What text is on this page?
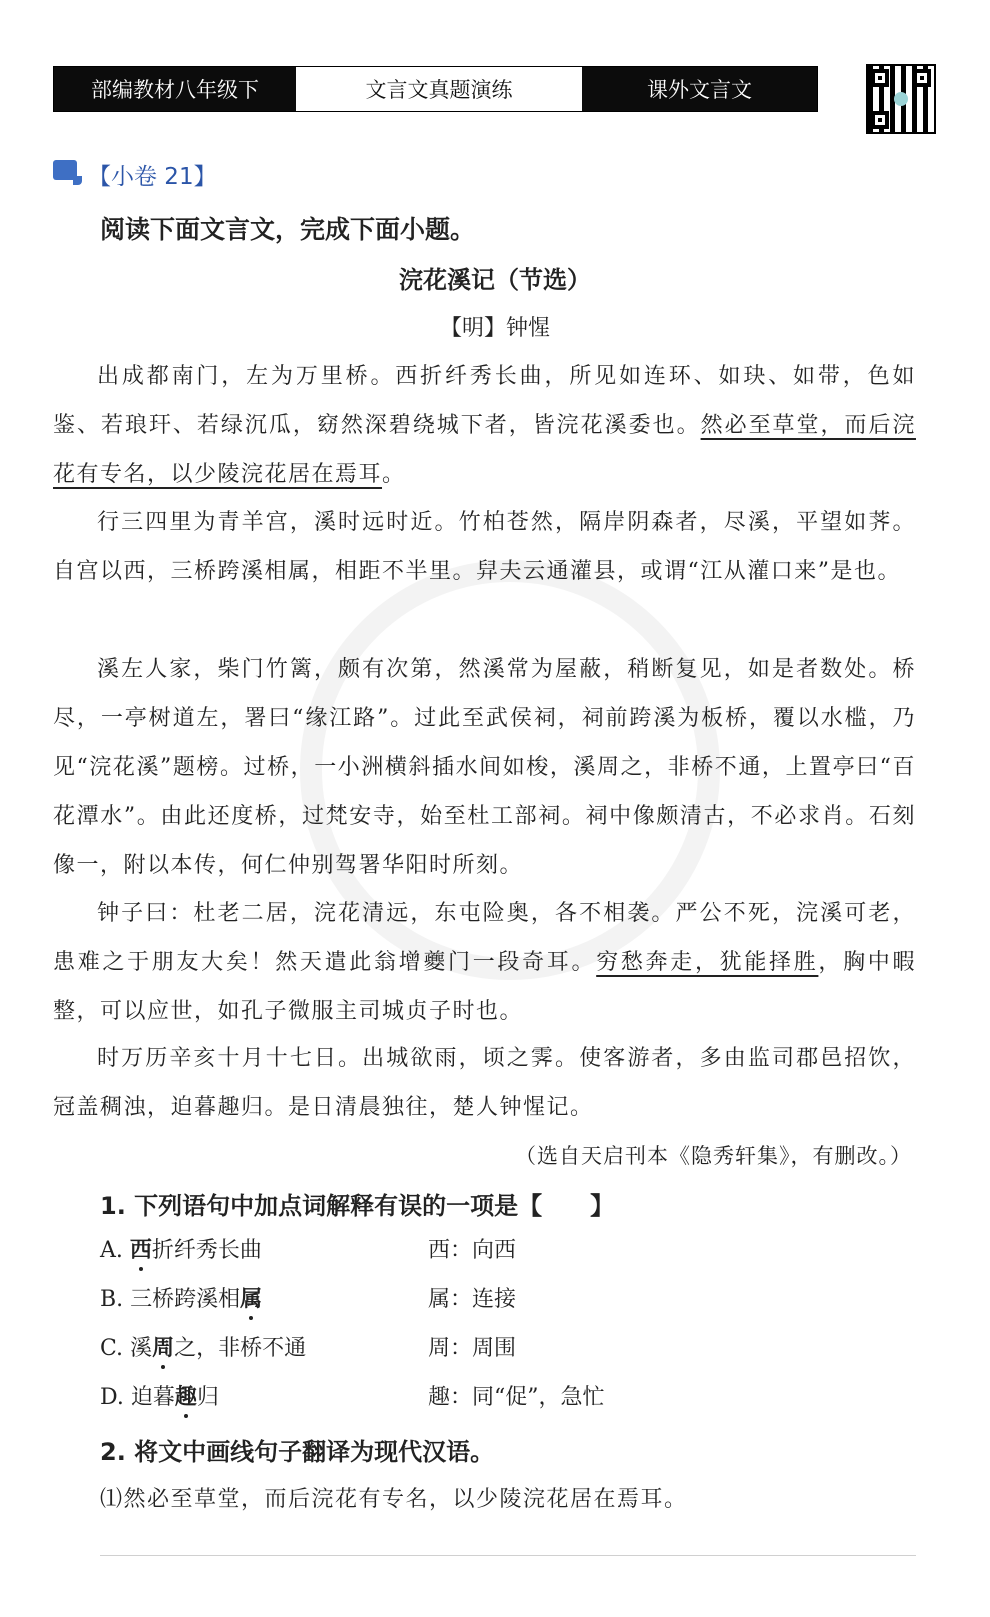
部编教材八年级下	文言文真题演练	课外文言文
【小卷 21】
阅读下面文言文，完成下面小题。
浣花溪记（节选）
【明】钟惺
出成都南门，左为万里桥。西折纤秀长曲，所见如连环、如玦、如带，色如鉴、若琅玕、若绿沉瓜，窈然深碧绕城下者，皆浣花溪委也。然必至草堂，而后浣花有专名，以少陵浣花居在焉耳。
行三四里为青羊宫，溪时远时近。竹柏苍然，隔岸阴森者，尽溪，平望如荠。自宫以西，三桥跨溪相属，相距不半里。舁夫云通灌县，或谓“江从灌口来”是也。
溪左人家，柴门竹篱，颇有次第，然溪常为屋蔽，稍断复见，如是者数处。桥尽，一亭树道左，署曰“缘江路”。过此至武侯祠，祠前跨溪为板桥，覆以水槛，乃见“浣花溪”题榜。过桥，一小洲横斜插水间如梭，溪周之，非桥不通，上置亭曰“百花潭水”。由此还度桥，过梵安寺，始至杜工部祠。祠中像颇清古，不必求肖。石刻像一，附以本传，何仁仲别驾署华阳时所刻。
钟子曰：杜老二居，浣花清远，东屯险奥，各不相袭。严公不死，浣溪可老，患难之于朋友大矣！然天遣此翁增夔门一段奇耳。穷愁奔走，犹能择胜，胸中暇整，可以应世，如孔子微服主司城贞子时也。
时万历辛亥十月十七日。出城欲雨，顷之霁。使客游者，多由监司郡邑招饮，冠盖稠浊，迫暮趣归。是日清晨独往，楚人钟惺记。
（选自天启刊本《隐秀轩集》，有删改。）
1. 下列语句中加点词解释有误的一项是【　　】
A. 西折纤秀长曲	西：向西
B. 三桥跨溪相属	属：连接
C. 溪周之，非桥不通	周：周围
D. 迫暮趣归	趣：同“促”，急忙
2. 将文中画线句子翻译为现代汉语。
⑴然必至草堂，而后浣花有专名，以少陵浣花居在焉耳。
